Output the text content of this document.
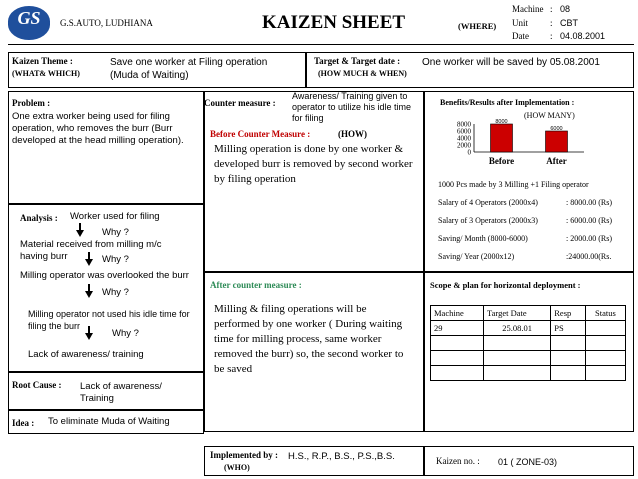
GS	G.S.AUTO, LUDHIANA	KAIZEN SHEET	(WHERE)
Machine : 08
Unit : CBT
Date : 04.08.2001
Kaizen Theme :
(WHAT& WHICH)
Save one worker at Filing operation
(Muda of Waiting)
Target & Target date :
(HOW MUCH & WHEN)
One worker will be saved by 05.08.2001
Problem :
One extra worker being used for filing operation, who removes the burr (Burr developed at the head milling operation).
Analysis : Worker used for filing
Why ?
Material received from milling m/c having burr	Why ?
Milling operator was overlooked the burr
Why ?
Milling operator not used his idle time for filing the burr
Why ?
Lack of awareness/ training
Root Cause : Lack of awareness/
Training
Idea : To eliminate Muda of Waiting
Counter measure :
Awareness/ Training given to operator to utilize his idle time for filing
Before Counter Measure :	(HOW)
Milling operation is done by one worker & developed burr is removed by second worker by filing operation
After counter measure :
Milling & filing operations will be performed by one worker ( During waiting time for milling process, same worker removed the burr) so, the second worker to be saved
Benefits/Results after Implementation :
(HOW MANY)
8000
6000
4000
2000
0
8000
Before
6000
After
1000 Pcs made by 3 Milling +1 Filing operator
Salary of 4 Operators (2000x4)	: 8000.00 (Rs)
Salary of 3 Operators (2000x3)	: 6000.00 (Rs)
Saving/ Month (8000-6000)	: 2000.00 (Rs)
Saving/ Year (2000x12)	:24000.00(Rs.
Scope & plan for horizontal deployment :
Machine	Target Date	Resp	Status
29	25.08.01	PS	

Implemented by :
(WHO)
H.S., R.P., B.S., P.S.,B.S.	Kaizen no. : 01 ( ZONE-03)
